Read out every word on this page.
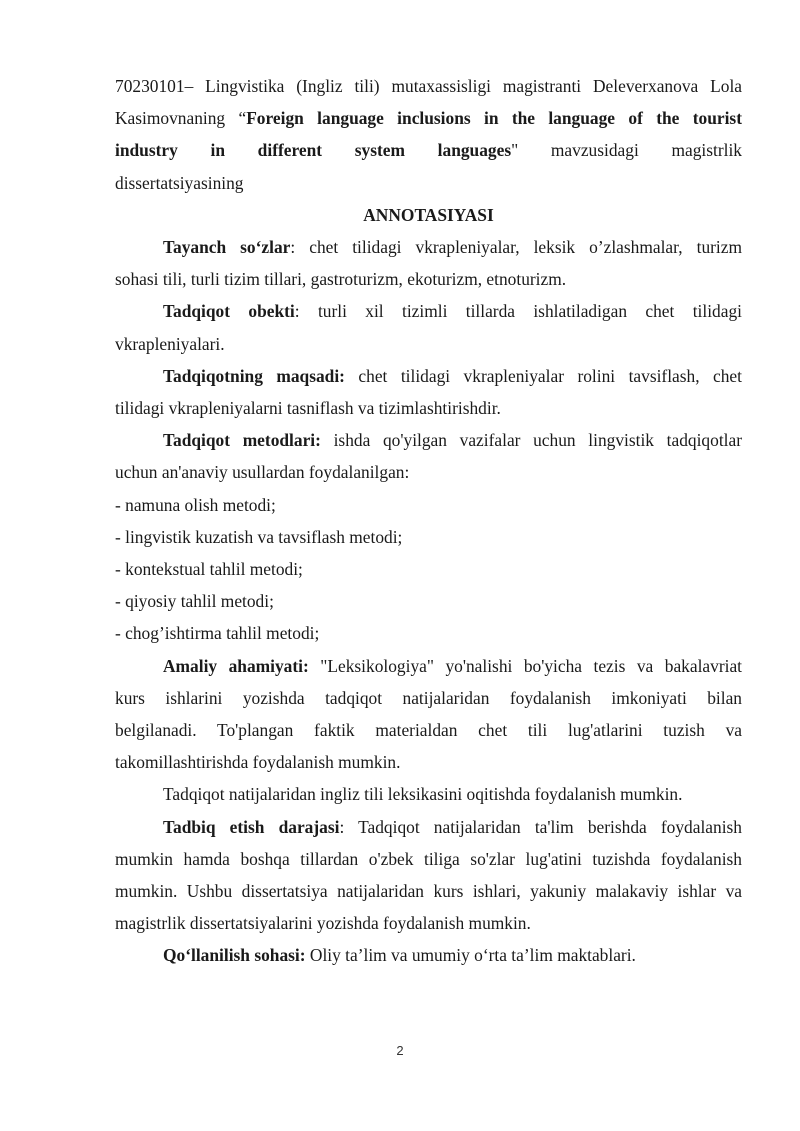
70230101– Lingvistika (Ingliz tili) mutaxassisligi magistranti Deleverxanova Lola

Kasimovnaning “Foreign language inclusions in the language of the tourist

industry in different system languages" mavzusidagi magistrlik

dissertatsiyasining

ANNOTASIYASI

Tayanch so‘zlar: chet tilidagi vkrapleniyalar, leksik o’zlashmalar, turizm

sohasi tili, turli tizim tillari, gastroturizm, ekoturizm, etnoturizm.

Tadqiqot obekti: turli xil tizimli tillarda ishlatiladigan chet tilidagi

vkrapleniyalari.

Tadqiqotning maqsadi: chet tilidagi vkrapleniyalar rolini tavsiflash, chet

tilidagi vkrapleniyalarni tasniflash va tizimlashtirishdir.

Tadqiqot metodlari: ishda qo'yilgan vazifalar uchun lingvistik tadqiqotlar

uchun an'anaviy usullardan foydalanilgan:

- namuna olish metodi;

- lingvistik kuzatish va tavsiflash metodi;

- kontekstual tahlil metodi;

- qiyosiy tahlil metodi;

- chog’ishtirma tahlil metodi;

Amaliy ahamiyati: "Leksikologiya" yo'nalishi bo'yicha tezis va bakalavriat

kurs ishlarini yozishda tadqiqot natijalaridan foydalanish imkoniyati bilan

belgilanadi. To'plangan faktik materialdan chet tili lug'atlarini tuzish va

takomillashtirishda foydalanish mumkin.

Tadqiqot natijalaridan ingliz tili leksikasini oqitishda foydalanish mumkin.

Tadbiq etish darajasi: Tadqiqot natijalaridan ta'lim berishda foydalanish

mumkin hamda boshqa tillardan o'zbek tiliga so'zlar lug'atini tuzishda foydalanish

mumkin. Ushbu dissertatsiya natijalaridan kurs ishlari, yakuniy malakaviy ishlar va

magistrlik dissertatsiyalarini yozishda foydalanish mumkin.

Qo‘llanilish sohasi: Oliy ta’lim va umumiy o‘rta ta’lim maktablari.

2
